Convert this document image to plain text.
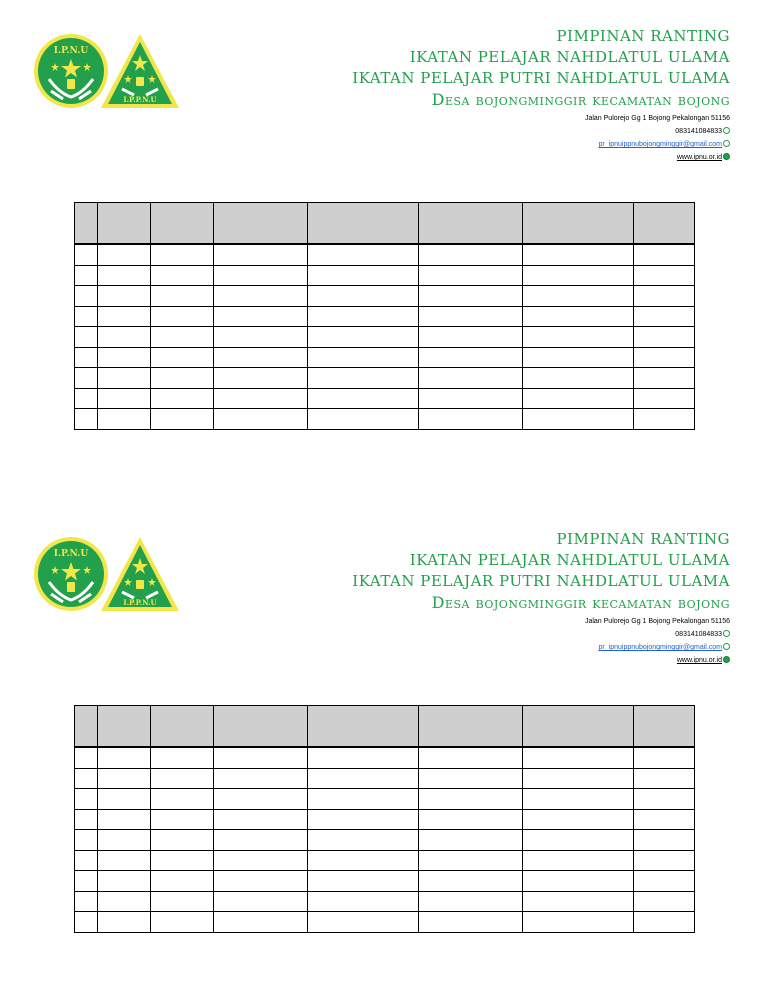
I.P.N.U
I.P.P.N.U
PIMPINAN RANTING
IKATAN PELAJAR NAHDLATUL ULAMA
IKATAN PELAJAR PUTRI NAHDLATUL ULAMA
Desa bojongminggir kecamatan bojong
Jalan Pulorejo Gg 1 Bojong Pekalongan 51156
083141084833
pr_ipnuippnubojongminggir@gmail.com
www.ipnu.or.id

I.P.N.U
I.P.P.N.U
PIMPINAN RANTING
IKATAN PELAJAR NAHDLATUL ULAMA
IKATAN PELAJAR PUTRI NAHDLATUL ULAMA
Desa bojongminggir kecamatan bojong
Jalan Pulorejo Gg 1 Bojong Pekalongan 51156
083141084833
pr_ipnuippnubojongminggir@gmail.com
www.ipnu.or.id
